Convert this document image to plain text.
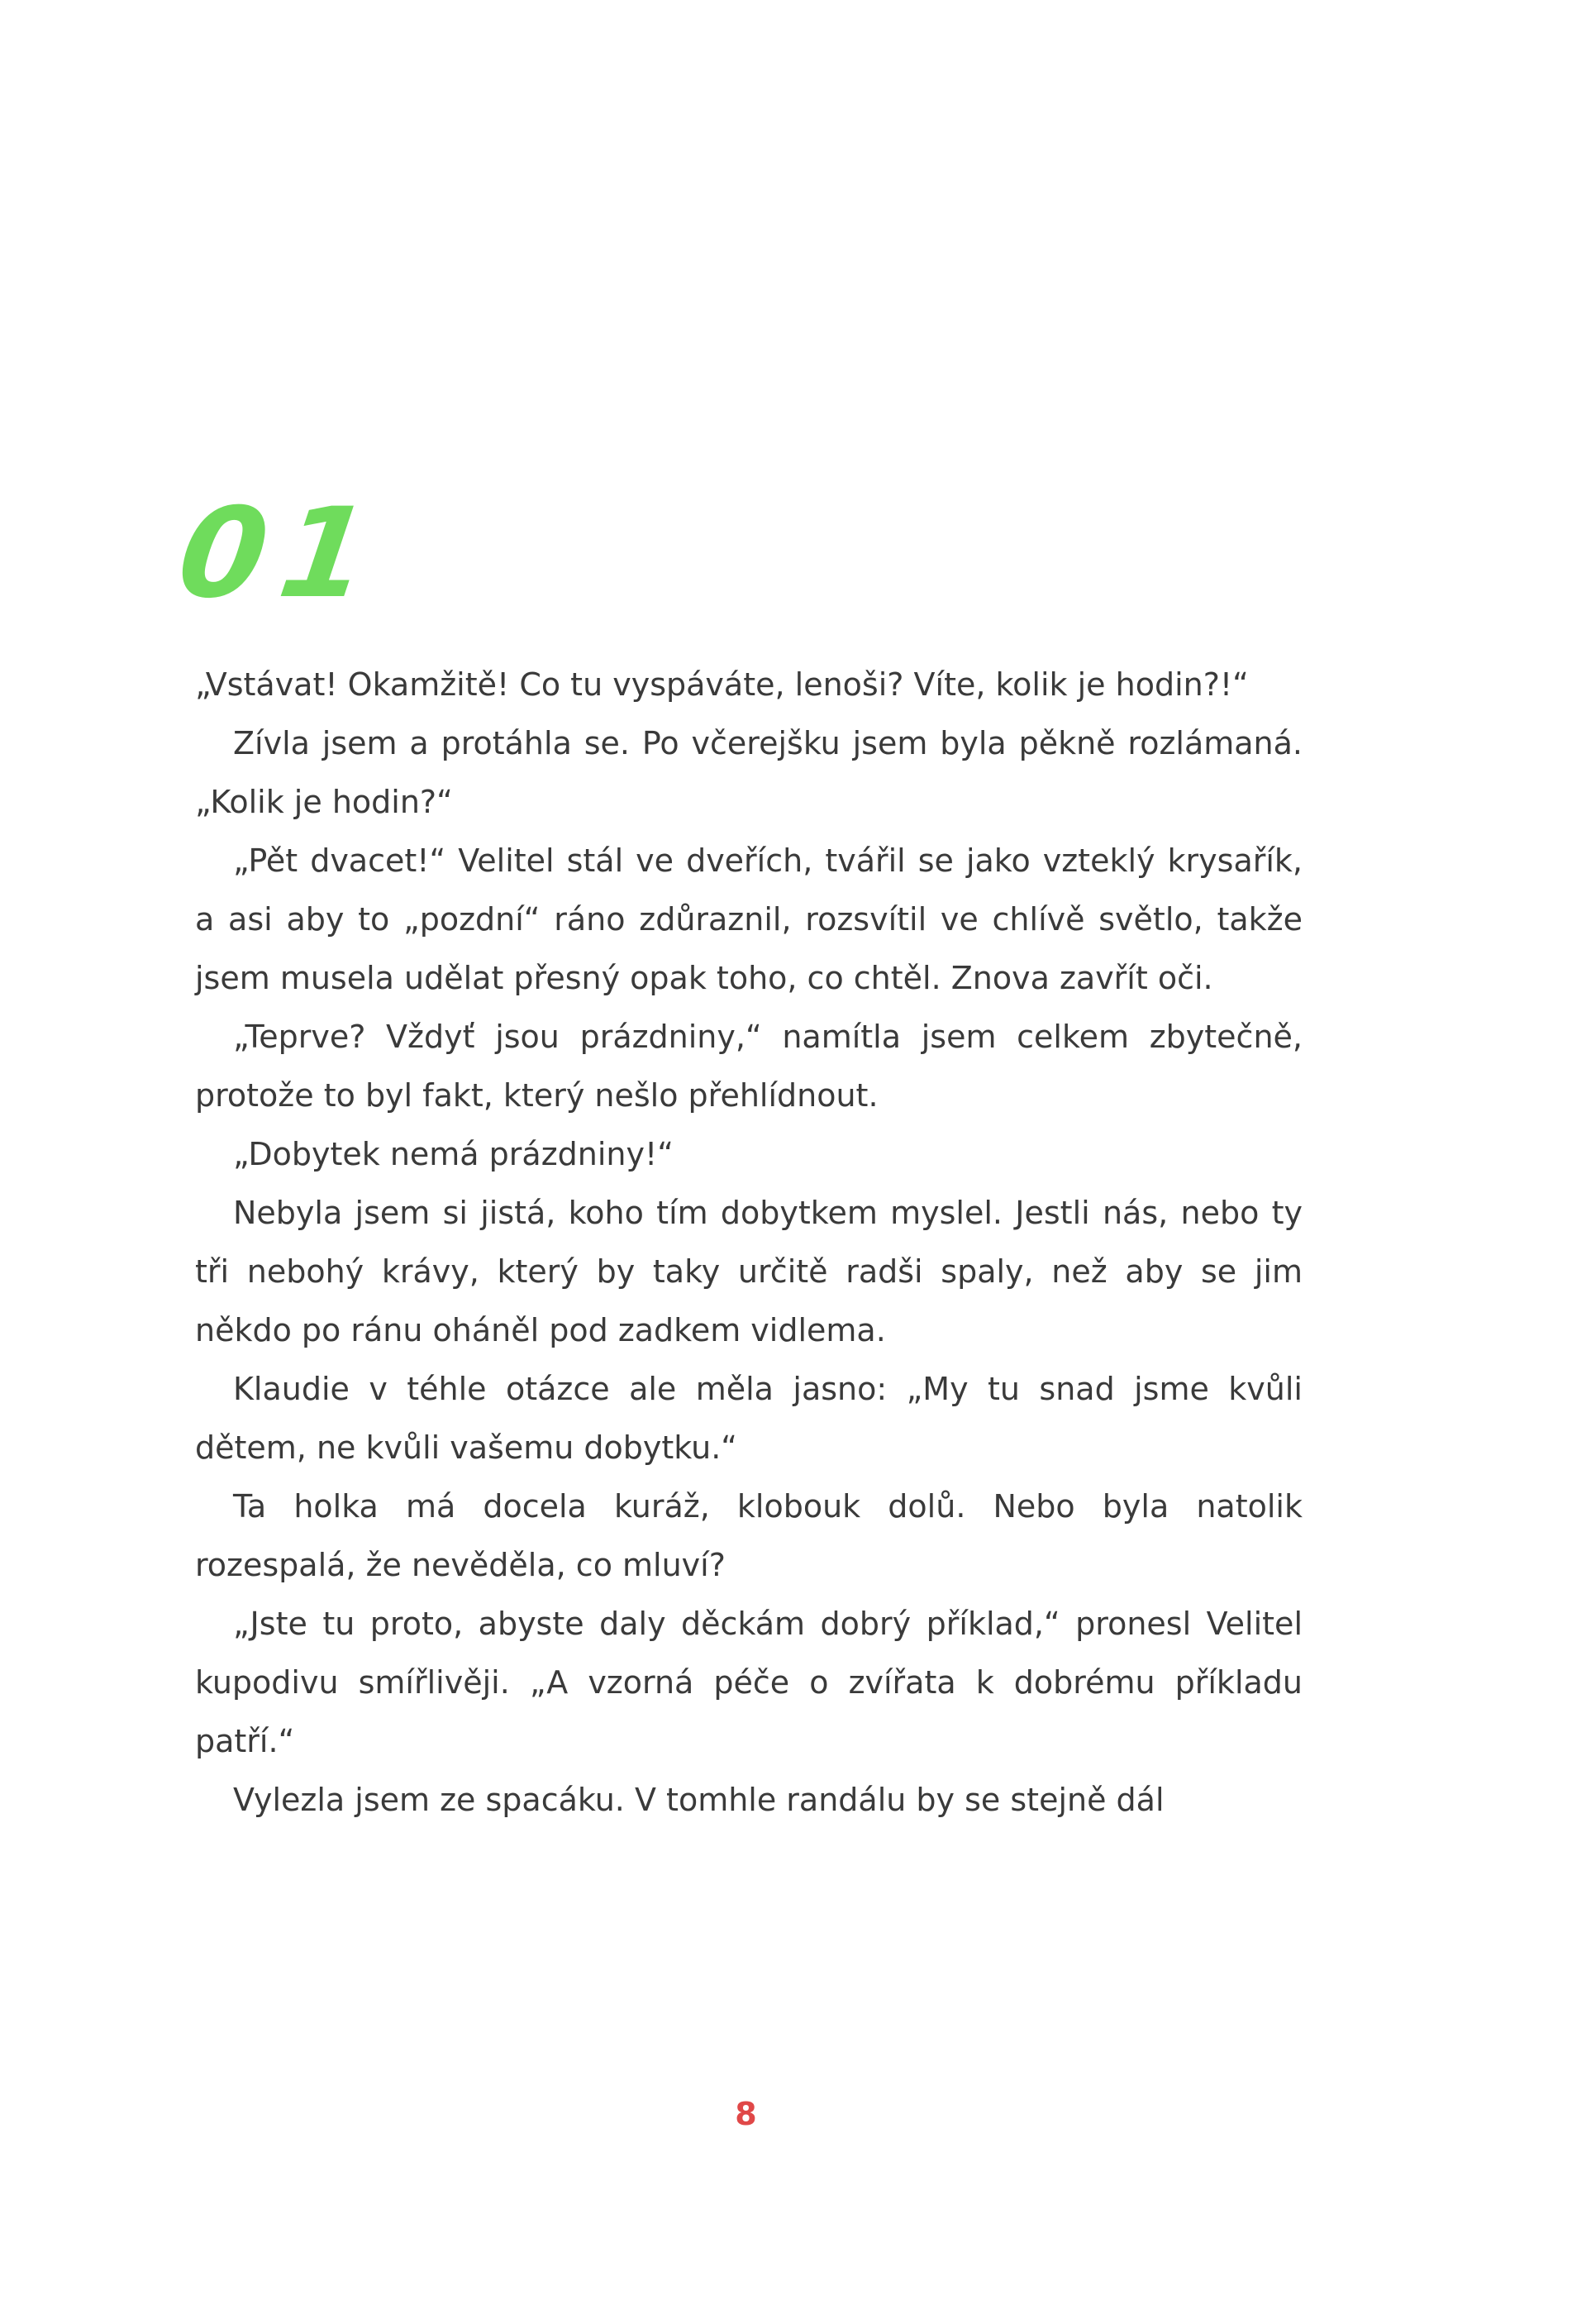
01

„Vstávat! Okamžitě! Co tu vyspáváte, lenoši? Víte, kolik je hodin?!“

Zívla jsem a protáhla se. Po včerejšku jsem byla pěkně rozlámaná. „Kolik je hodin?“

„Pět dvacet!“ Velitel stál ve dveřích, tvářil se jako vzteklý krysařík, a asi aby to „pozdní“ ráno zdůraznil, rozsvítil ve chlívě světlo, takže jsem musela udělat přesný opak toho, co chtěl. Znova zavřít oči.

„Teprve? Vždyť jsou prázdniny,“ namítla jsem celkem zbytečně, protože to byl fakt, který nešlo přehlídnout.

„Dobytek nemá prázdniny!“

Nebyla jsem si jistá, koho tím dobytkem myslel. Jestli nás, nebo ty tři nebohý krávy, který by taky určitě radši spaly, než aby se jim někdo po ránu oháněl pod zadkem vidlema.

Klaudie v téhle otázce ale měla jasno: „My tu snad jsme kvůli dětem, ne kvůli vašemu dobytku.“

Ta holka má docela kuráž, klobouk dolů. Nebo byla natolik rozespalá, že nevěděla, co mluví?

„Jste tu proto, abyste daly děckám dobrý příklad,“ pronesl Velitel kupodivu smířlivěji. „A vzorná péče o zvířata k dobrému příkladu patří.“

Vylezla jsem ze spacáku. V tomhle randálu by se stejně dál

8
